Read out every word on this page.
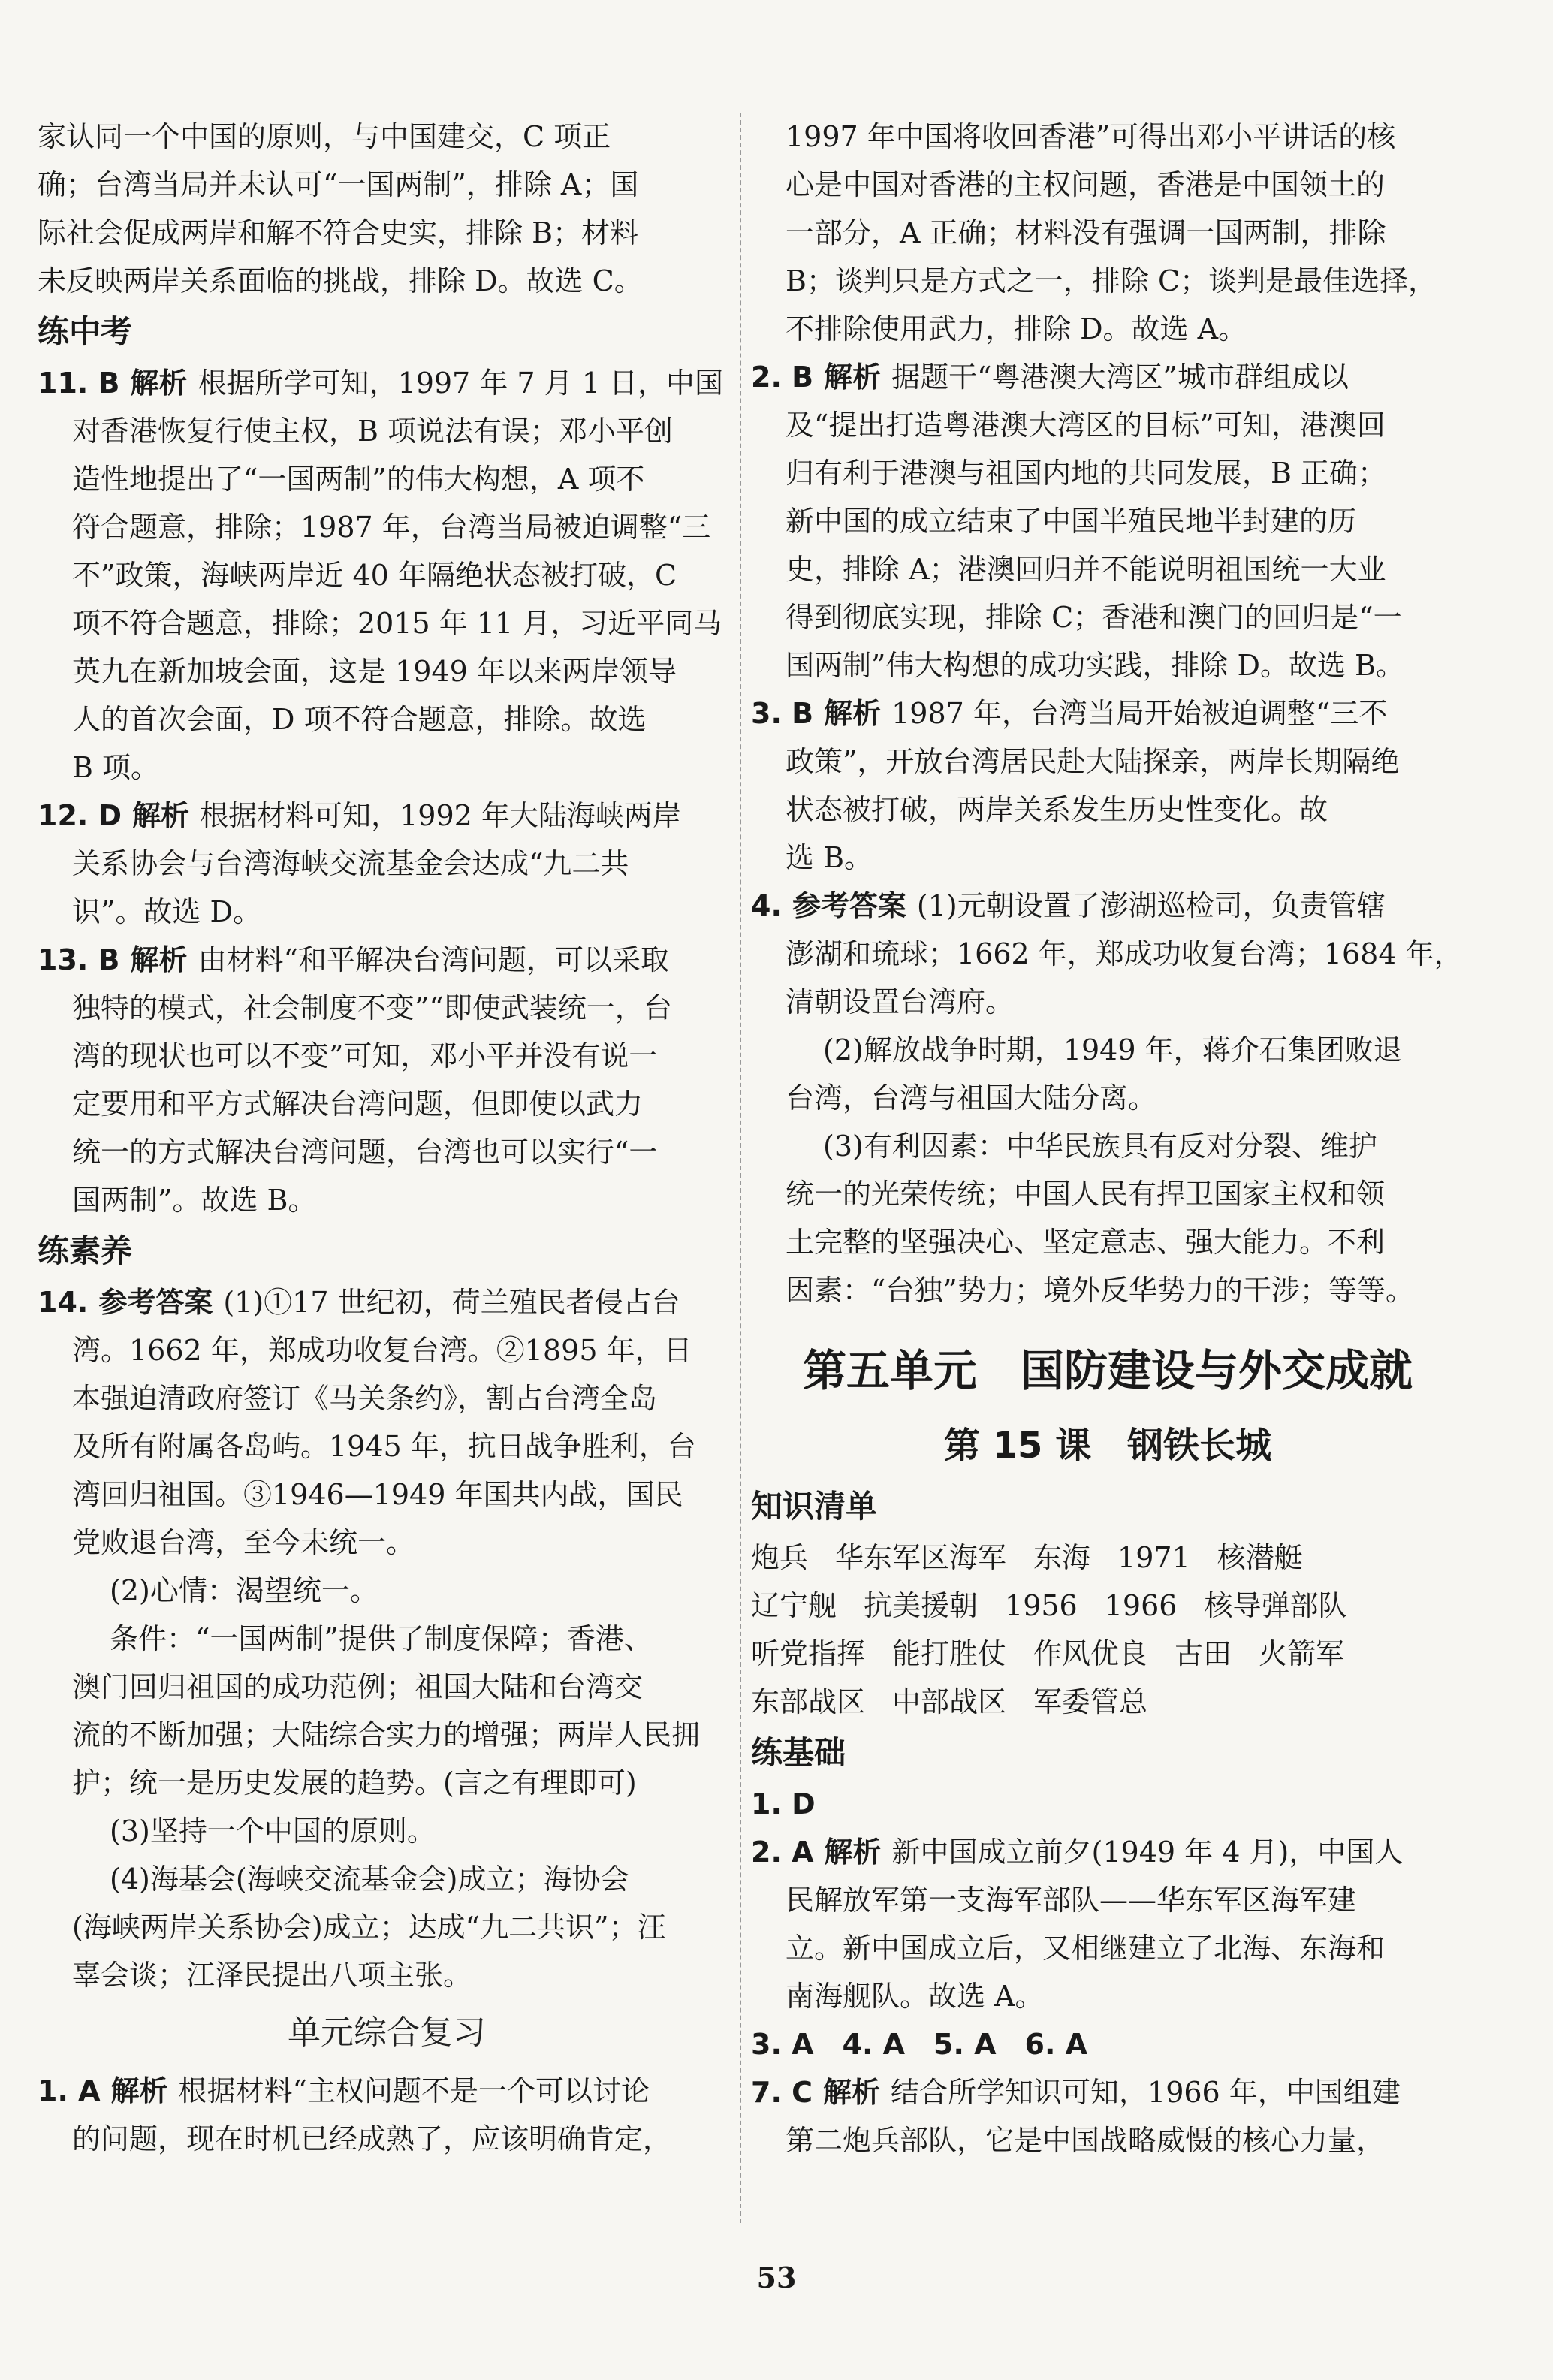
家认同一个中国的原则，与中国建交，C 项正
确；台湾当局并未认可“一国两制”，排除 A；国
际社会促成两岸和解不符合史实，排除 B；材料
未反映两岸关系面临的挑战，排除 D。故选 C。
练中考
11. B 解析 根据所学可知，1997 年 7 月 1 日，中国
对香港恢复行使主权，B 项说法有误；邓小平创
造性地提出了“一国两制”的伟大构想，A 项不
符合题意，排除；1987 年，台湾当局被迫调整“三
不”政策，海峡两岸近 40 年隔绝状态被打破，C
项不符合题意，排除；2015 年 11 月，习近平同马
英九在新加坡会面，这是 1949 年以来两岸领导
人的首次会面，D 项不符合题意，排除。故选
B 项。
12. D 解析 根据材料可知，1992 年大陆海峡两岸
关系协会与台湾海峡交流基金会达成“九二共
识”。故选 D。
13. B 解析 由材料“和平解决台湾问题，可以采取
独特的模式，社会制度不变”“即使武装统一，台
湾的现状也可以不变”可知，邓小平并没有说一
定要用和平方式解决台湾问题，但即使以武力
统一的方式解决台湾问题，台湾也可以实行“一
国两制”。故选 B。
练素养
14. 参考答案 (1)①17 世纪初，荷兰殖民者侵占台
湾。1662 年，郑成功收复台湾。②1895 年，日
本强迫清政府签订《马关条约》，割占台湾全岛
及所有附属各岛屿。1945 年，抗日战争胜利，台
湾回归祖国。③1946—1949 年国共内战，国民
党败退台湾，至今未统一。
(2)心情：渴望统一。
条件：“一国两制”提供了制度保障；香港、
澳门回归祖国的成功范例；祖国大陆和台湾交
流的不断加强；大陆综合实力的增强；两岸人民拥
护；统一是历史发展的趋势。(言之有理即可)
(3)坚持一个中国的原则。
(4)海基会(海峡交流基金会)成立；海协会
(海峡两岸关系协会)成立；达成“九二共识”；汪
辜会谈；江泽民提出八项主张。
单元综合复习
1. A 解析 根据材料“主权问题不是一个可以讨论
的问题，现在时机已经成熟了，应该明确肯定，
1997 年中国将收回香港”可得出邓小平讲话的核
心是中国对香港的主权问题，香港是中国领土的
一部分，A 正确；材料没有强调一国两制，排除
B；谈判只是方式之一，排除 C；谈判是最佳选择，
不排除使用武力，排除 D。故选 A。
2. B 解析 据题干“粤港澳大湾区”城市群组成以
及“提出打造粤港澳大湾区的目标”可知，港澳回
归有利于港澳与祖国内地的共同发展，B 正确；
新中国的成立结束了中国半殖民地半封建的历
史，排除 A；港澳回归并不能说明祖国统一大业
得到彻底实现，排除 C；香港和澳门的回归是“一
国两制”伟大构想的成功实践，排除 D。故选 B。
3. B 解析 1987 年，台湾当局开始被迫调整“三不
政策”，开放台湾居民赴大陆探亲，两岸长期隔绝
状态被打破，两岸关系发生历史性变化。故
选 B。
4. 参考答案 (1)元朝设置了澎湖巡检司，负责管辖
澎湖和琉球；1662 年，郑成功收复台湾；1684 年，
清朝设置台湾府。
(2)解放战争时期，1949 年，蒋介石集团败退
台湾，台湾与祖国大陆分离。
(3)有利因素：中华民族具有反对分裂、维护
统一的光荣传统；中国人民有捍卫国家主权和领
土完整的坚强决心、坚定意志、强大能力。不利
因素：“台独”势力；境外反华势力的干涉；等等。
第五单元　国防建设与外交成就
第 15 课　钢铁长城
知识清单
炮兵 华东军区海军 东海 1971 核潜艇
辽宁舰 抗美援朝 1956 1966 核导弹部队
听党指挥 能打胜仗 作风优良 古田 火箭军
东部战区 中部战区 军委管总
练基础
1. D
2. A 解析 新中国成立前夕(1949 年 4 月)，中国人
民解放军第一支海军部队——华东军区海军建
立。新中国成立后，又相继建立了北海、东海和
南海舰队。故选 A。
3. A　4. A　5. A　6. A
7. C 解析 结合所学知识可知，1966 年，中国组建
第二炮兵部队，它是中国战略威慑的核心力量，
53
